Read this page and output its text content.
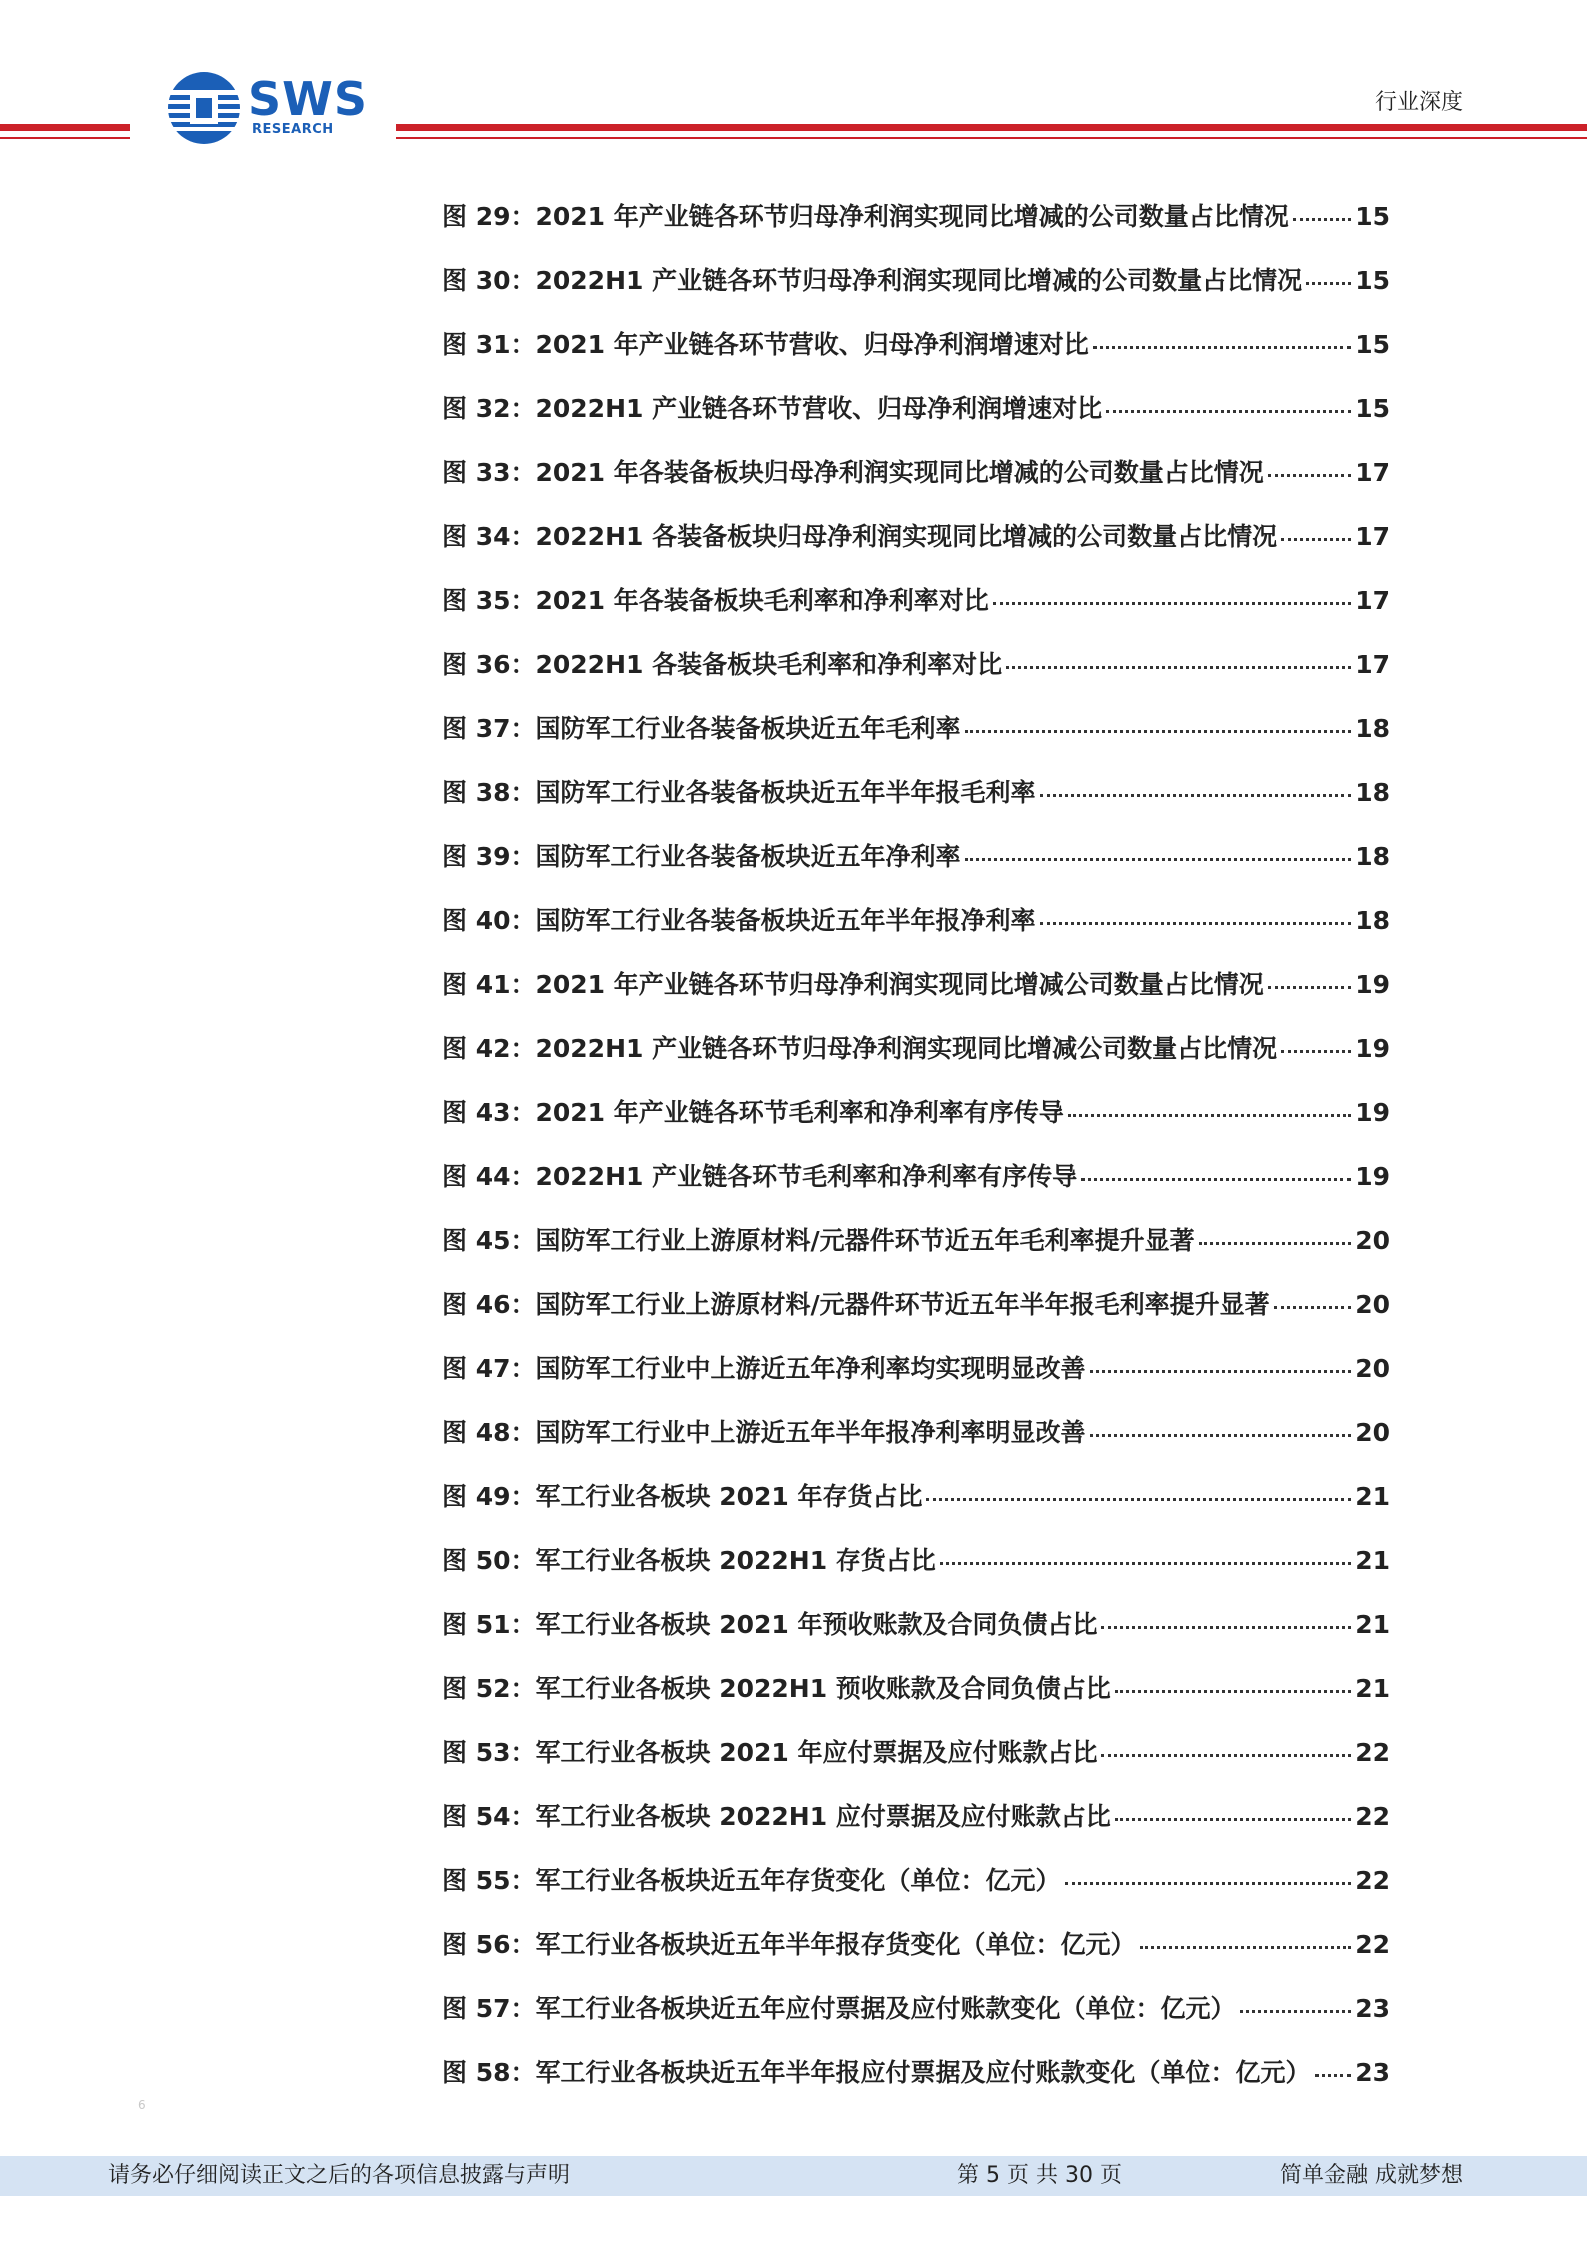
SWS
RESEARCH
行业深度
图 29：2021 年产业链各环节归母净利润实现同比增减的公司数量占比情况	15
图 30：2022H1 产业链各环节归母净利润实现同比增减的公司数量占比情况 15
图 31：2021 年产业链各环节营收、归母净利润增速对比	15
图 32：2022H1 产业链各环节营收、归母净利润增速对比	15
图 33：2021 年各装备板块归母净利润实现同比增减的公司数量占比情况	17
图 34：2022H1 各装备板块归母净利润实现同比增减的公司数量占比情况	17
图 35：2021 年各装备板块毛利率和净利率对比	17
图 36：2022H1 各装备板块毛利率和净利率对比	17
图 37：国防军工行业各装备板块近五年毛利率	18
图 38：国防军工行业各装备板块近五年半年报毛利率	18
图 39：国防军工行业各装备板块近五年净利率	18
图 40：国防军工行业各装备板块近五年半年报净利率	18
图 41：2021 年产业链各环节归母净利润实现同比增减公司数量占比情况	19
图 42：2022H1 产业链各环节归母净利润实现同比增减公司数量占比情况	19
图 43：2021 年产业链各环节毛利率和净利率有序传导	19
图 44：2022H1 产业链各环节毛利率和净利率有序传导	19
图 45：国防军工行业上游原材料/元器件环节近五年毛利率提升显著	20
图 46：国防军工行业上游原材料/元器件环节近五年半年报毛利率提升显著	20
图 47：国防军工行业中上游近五年净利率均实现明显改善	20
图 48：国防军工行业中上游近五年半年报净利率明显改善	20
图 49：军工行业各板块 2021 年存货占比	21
图 50：军工行业各板块 2022H1 存货占比	21
图 51：军工行业各板块 2021 年预收账款及合同负债占比	21
图 52：军工行业各板块 2022H1 预收账款及合同负债占比	21
图 53：军工行业各板块 2021 年应付票据及应付账款占比	22
图 54：军工行业各板块 2022H1 应付票据及应付账款占比	22
图 55：军工行业各板块近五年存货变化（单位：亿元）	22
图 56：军工行业各板块近五年半年报存货变化（单位：亿元）	22
图 57：军工行业各板块近五年应付票据及应付账款变化（单位：亿元）	23
图 58：军工行业各板块近五年半年报应付票据及应付账款变化（单位：亿元） 23
6
请务必仔细阅读正文之后的各项信息披露与声明	第 5 页 共 30 页	简单金融 成就梦想
